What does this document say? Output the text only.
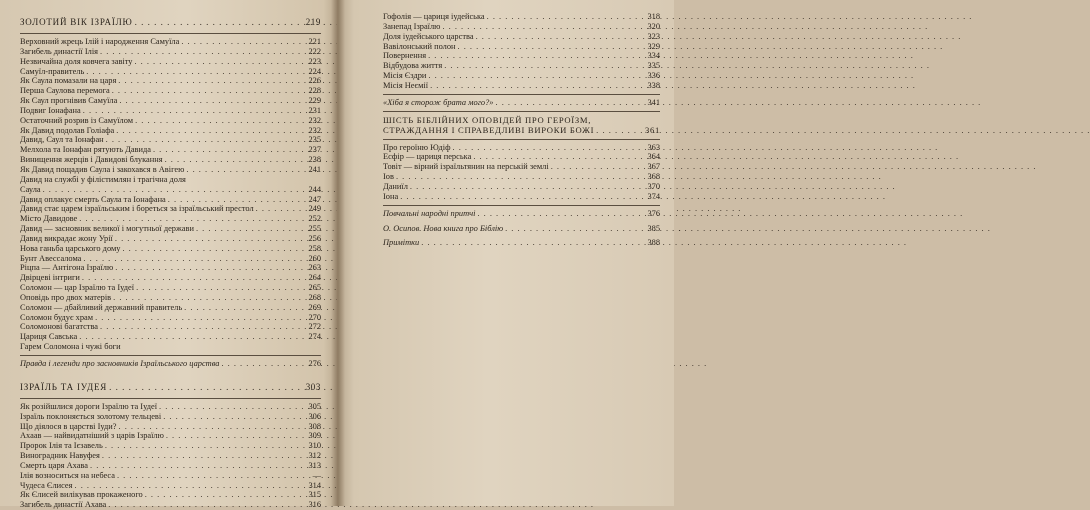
ЗОЛОТИЙ ВІК ІЗРАЇЛЮ . . .	219
Верховний жрець Ілій і народження Самуїла . . .	221
Загибель династії Ілія . . .	222
Незвичайна доля ковчега завіту . . .	223
Самуїл-правитель . . .	224
Як Саула помазали на царя . . .	226
Перша Саулова перемога . . .	228
Як Саул прогнівив Самуїла . . .	229
Подвиг Іонафана . . .	231
Остаточний розрив із Самуїлом . . .	232
Як Давид подолав Голіафа . . .	232
Давид, Саул та Іонафан . . .	235
Мелхола та Іонафан рятують Давида . . .	237
Винищення жерців і Давидові блукання . . .	238
Як Давид пощадив Саула і закохався в Авігею . . .	241
Давид на службі у філістимлян і трагічна доля
Саула . . .	244
Давид оплакує смерть Саула та Іонафана . . .	247
Давид стає царем ізраїльським і бореться за ізраїльський престол . . .	249
Місто Давидове . . .	252
Давид — засновник великої і могутньої держави . . .	255
Давид викрадає жону Урії . . .	256
Нова ганьба царського дому . . .	258
Бунт Авессалома . . .	260
Ріцпа — Антігона Ізраїлю . . .	263
Двірцеві інтриги . . .	264
Соломон — цар Ізраїлю та Іудеї . . .	265
Оповідь про двох матерів . . .	268
Соломон — дбайливий державний правитель . . .	269
Соломон будує храм . . .	270
Соломонові багатства . . .	272
Цариця Савська . . .	274
Гарем Соломона і чужі боги
Правда і легенди про засновників Ізраїльського царства . . .	276
ІЗРАЇЛЬ ТА ІУДЕЯ . . .	303
Як розійшлися дороги Ізраїлю та Іудеї . . .	305
Ізраїль поклоняється золотому тельцеві . . .	306
Що діялося в царстві Іуди? . . .	308
Ахаав — найвидатніший з царів Ізраїлю . . .	309
Пророк Ілія та Ієзавель . . .	310
Виноградник Навуфея . . .	312
Смерть царя Ахава . . .	313
Ілія возноситься на небеса . . .	—
Чудеса Єлисея . . .	314
Як Єлисей вилікував прокаженого . . .	315
Загибель династії Ахава . . .	316
Гофолія — цариця іудейська . . .	318
Занепад Ізраїлю . . .	320
Доля іудейського царства . . .	323
Вавілонський полон . . .	329
Повернення . . .	334
Відбудова життя . . .	335
Місія Єздри . . .	336
Місія Неємії . . .	338
«Хіба я сторож брата мого?» . . .	341
ШІСТЬ БІБЛІЙНИХ ОПОВІДЕЙ ПРО ГЕРОЇЗМ,
СТРАЖДАННЯ І СПРАВЕДЛИВІ ВИРОКИ БОЖІ . . .	361
Про героїню Юдіф . . .	363
Есфір — цариця перська . . .	364
Товіт — вірний ізраїльтянин на перській землі . . .	367
Іов . . .	368
Даниїл . . .	370
Іона . . .	374
Повчальні народні притчі . . .	376
О. Осипов. Нова книга про Біблію . . .	385
Примітки . . .	388
